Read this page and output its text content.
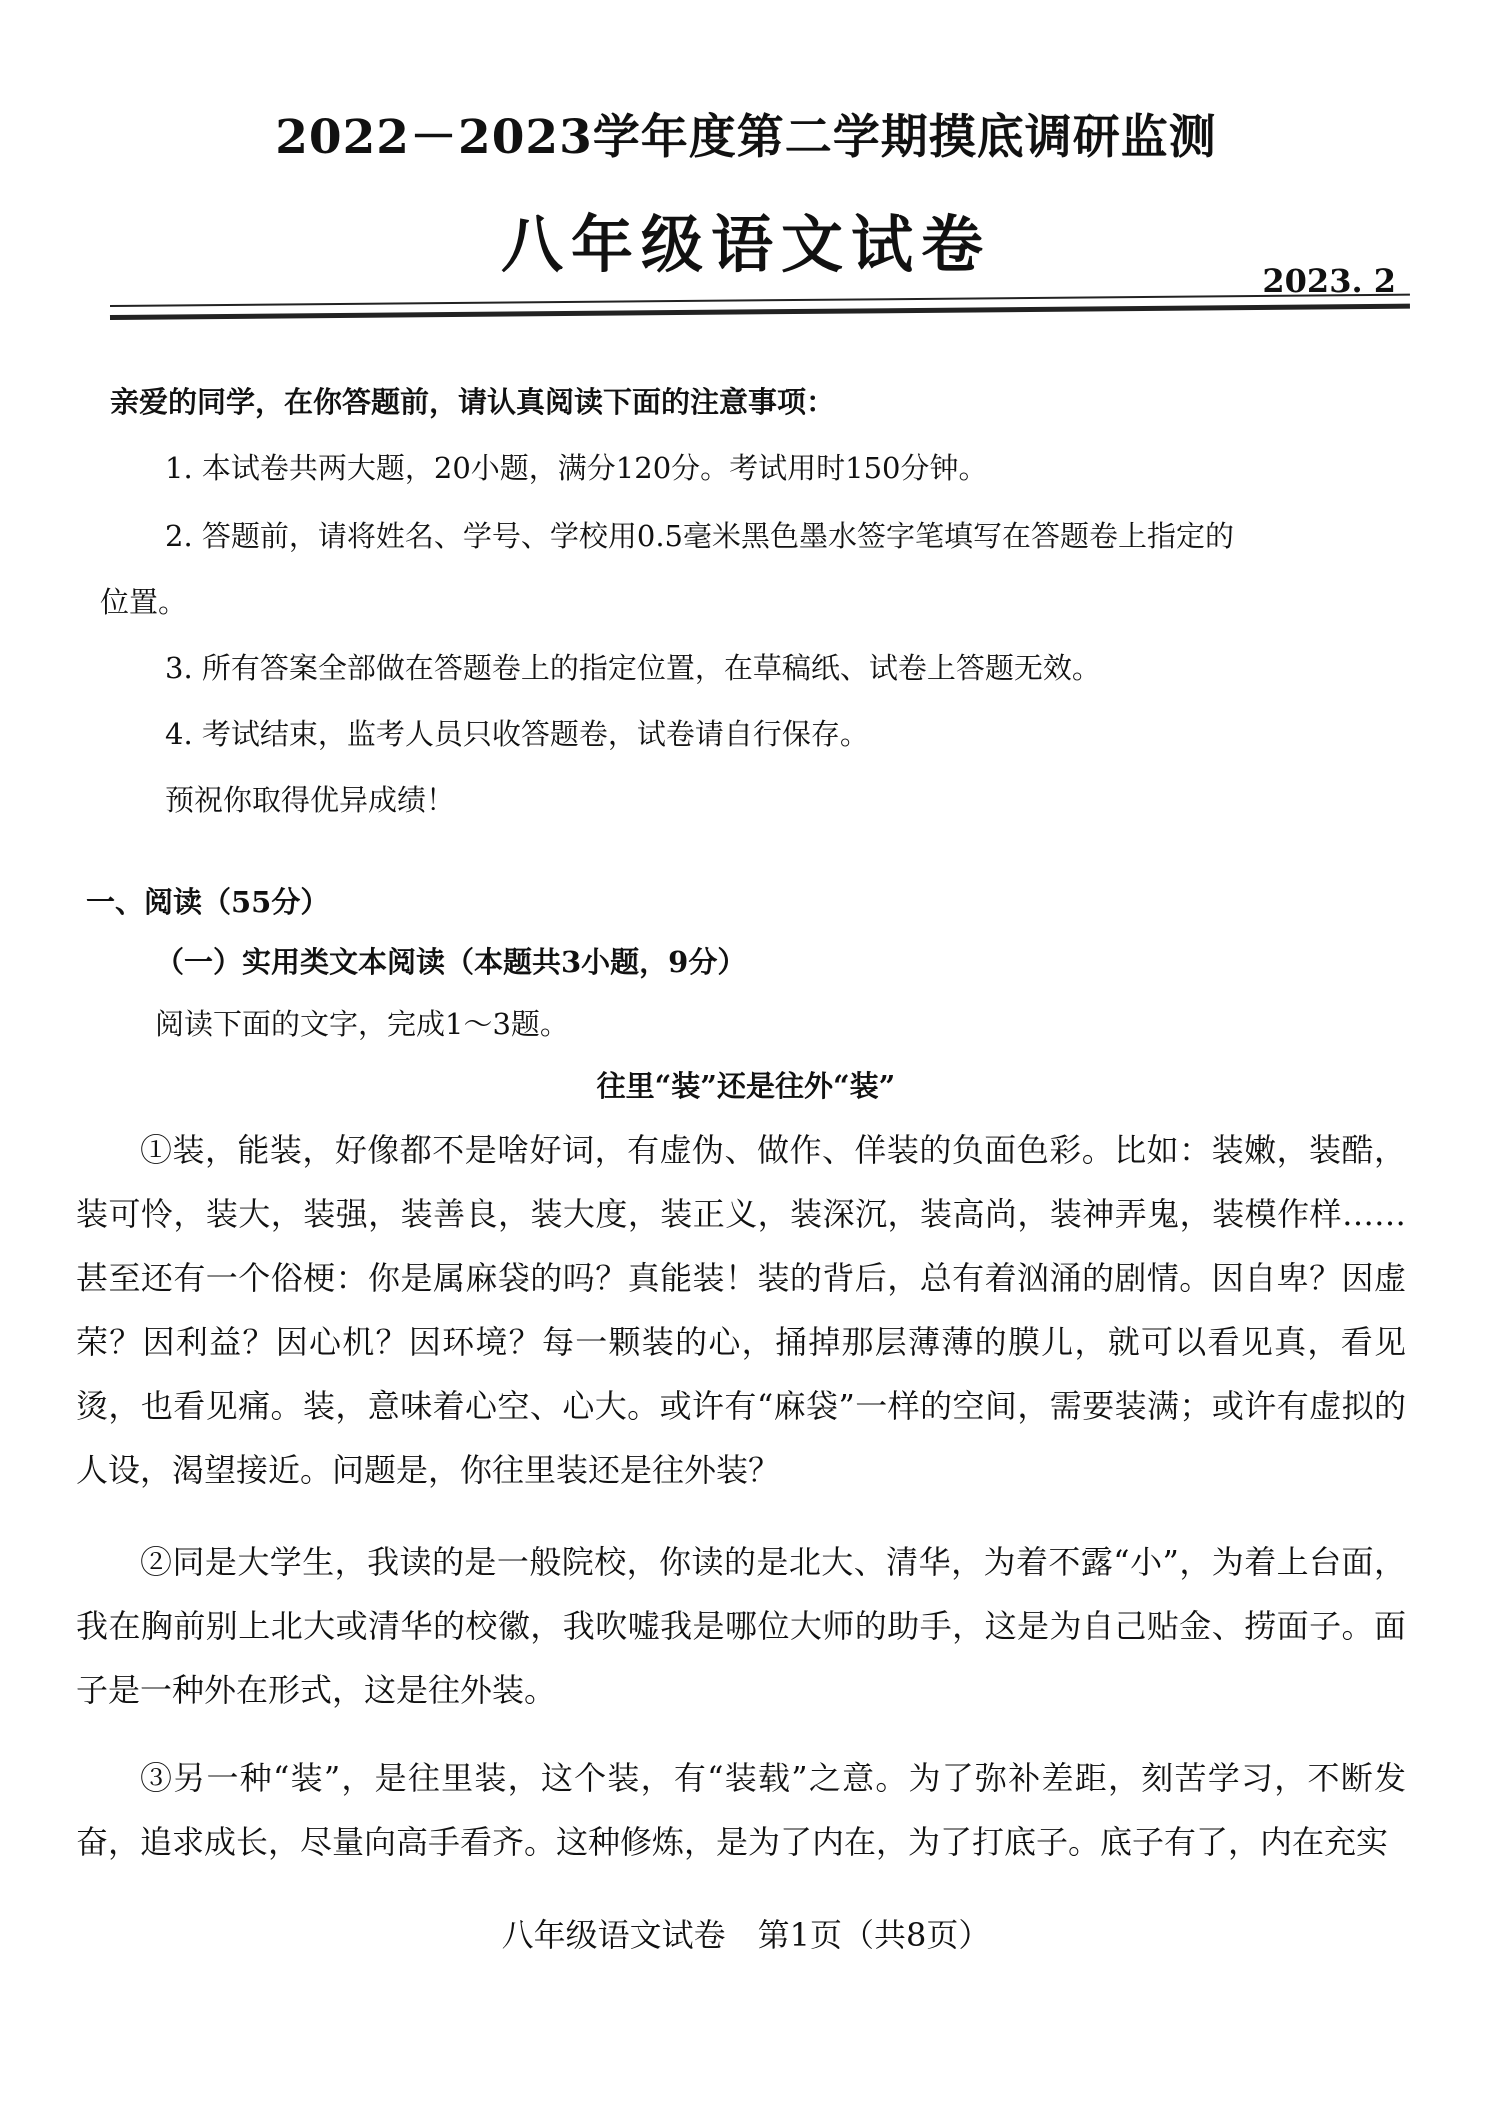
2022－2023学年度第二学期摸底调研监测
八年级语文试卷	2023. 2
亲爱的同学，在你答题前，请认真阅读下面的注意事项：
1. 本试卷共两大题，20小题，满分120分。考试用时150分钟。
2. 答题前，请将姓名、学号、学校用0.5毫米黑色墨水签字笔填写在答题卷上指定的
位置。
3. 所有答案全部做在答题卷上的指定位置，在草稿纸、试卷上答题无效。
4. 考试结束，监考人员只收答题卷，试卷请自行保存。
预祝你取得优异成绩！
一、阅读（55分）
（一）实用类文本阅读（本题共3小题，9分）
阅读下面的文字，完成1～3题。
往里“装”还是往外“装”
①装，能装，好像都不是啥好词，有虚伪、做作、佯装的负面色彩。比如：装嫩，装酷，装可怜，装大，装强，装善良，装大度，装正义，装深沉，装高尚，装神弄鬼，装模作样……甚至还有一个俗梗：你是属麻袋的吗？真能装！装的背后，总有着汹涌的剧情。因自卑？因虚荣？因利益？因心机？因环境？每一颗装的心，捅掉那层薄薄的膜儿，就可以看见真，看见烫，也看见痛。装，意味着心空、心大。或许有“麻袋”一样的空间，需要装满；或许有虚拟的人设，渴望接近。问题是，你往里装还是往外装？
②同是大学生，我读的是一般院校，你读的是北大、清华，为着不露“小”，为着上台面，我在胸前别上北大或清华的校徽，我吹嘘我是哪位大师的助手，这是为自己贴金、捞面子。面子是一种外在形式，这是往外装。
③另一种“装”，是往里装，这个装，有“装载”之意。为了弥补差距，刻苦学习，不断发奋，追求成长，尽量向高手看齐。这种修炼，是为了内在，为了打底子。底子有了，内在充实
八年级语文试卷　第1页（共8页）
